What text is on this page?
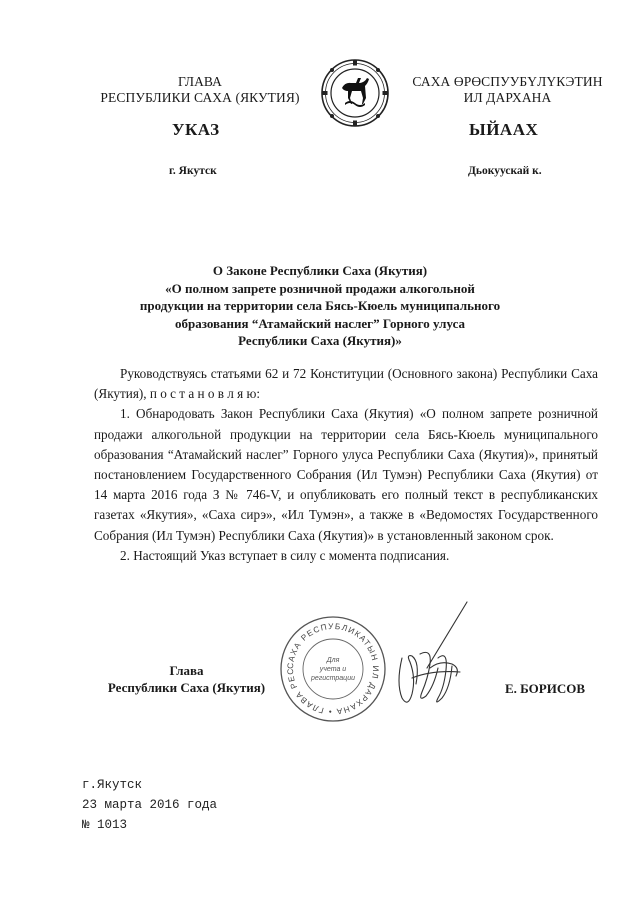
ГЛАВА
РЕСПУБЛИКИ САХА (ЯКУТИЯ)
САХА ӨРӨСПУУБҮЛҮКЭТИН
ИЛ ДАРХАНА
УКАЗ	ЫЙААХ
г. Якутск	Дьокуускай к.
О Законе Республики Саха (Якутия)
«О полном запрете розничной продажи алкогольной
продукции на территории села Бясь-Кюель муниципального
образования “Атамайский наслег” Горного улуса
Республики Саха (Якутия)»

Руководствуясь статьями 62 и 72 Конституции (Основного закона) Республики Саха (Якутия), п о с т а н о в л я ю:

1. Обнародовать Закон Республики Саха (Якутия) «О полном запрете розничной продажи алкогольной продукции на территории села Бясь-Кюель муниципального образования “Атамайский наслег” Горного улуса Республики Саха (Якутия)», принятый постановлением Государственного Собрания (Ил Тумэн) Республики Саха (Якутия) от 14 марта 2016 года З № 746-V, и опубликовать его полный текст в республиканских газетах «Якутия», «Саха сирэ», «Ил Тумэн», а также в «Ведомостях Государственного Собрания (Ил Тумэн) Республики Саха (Якутия)» в установленный законом срок.

2. Настоящий Указ вступает в силу с момента подписания.

САХА РЕСПУБЛИКАТЫН ИЛ ДАРХАНА • ГЛАВА РЕС
Для
учета и
регистрации
Глава
Республики Саха (Якутия)	Е. БОРИСОВ
г.Якутск
23 марта 2016 года
№ 1013
